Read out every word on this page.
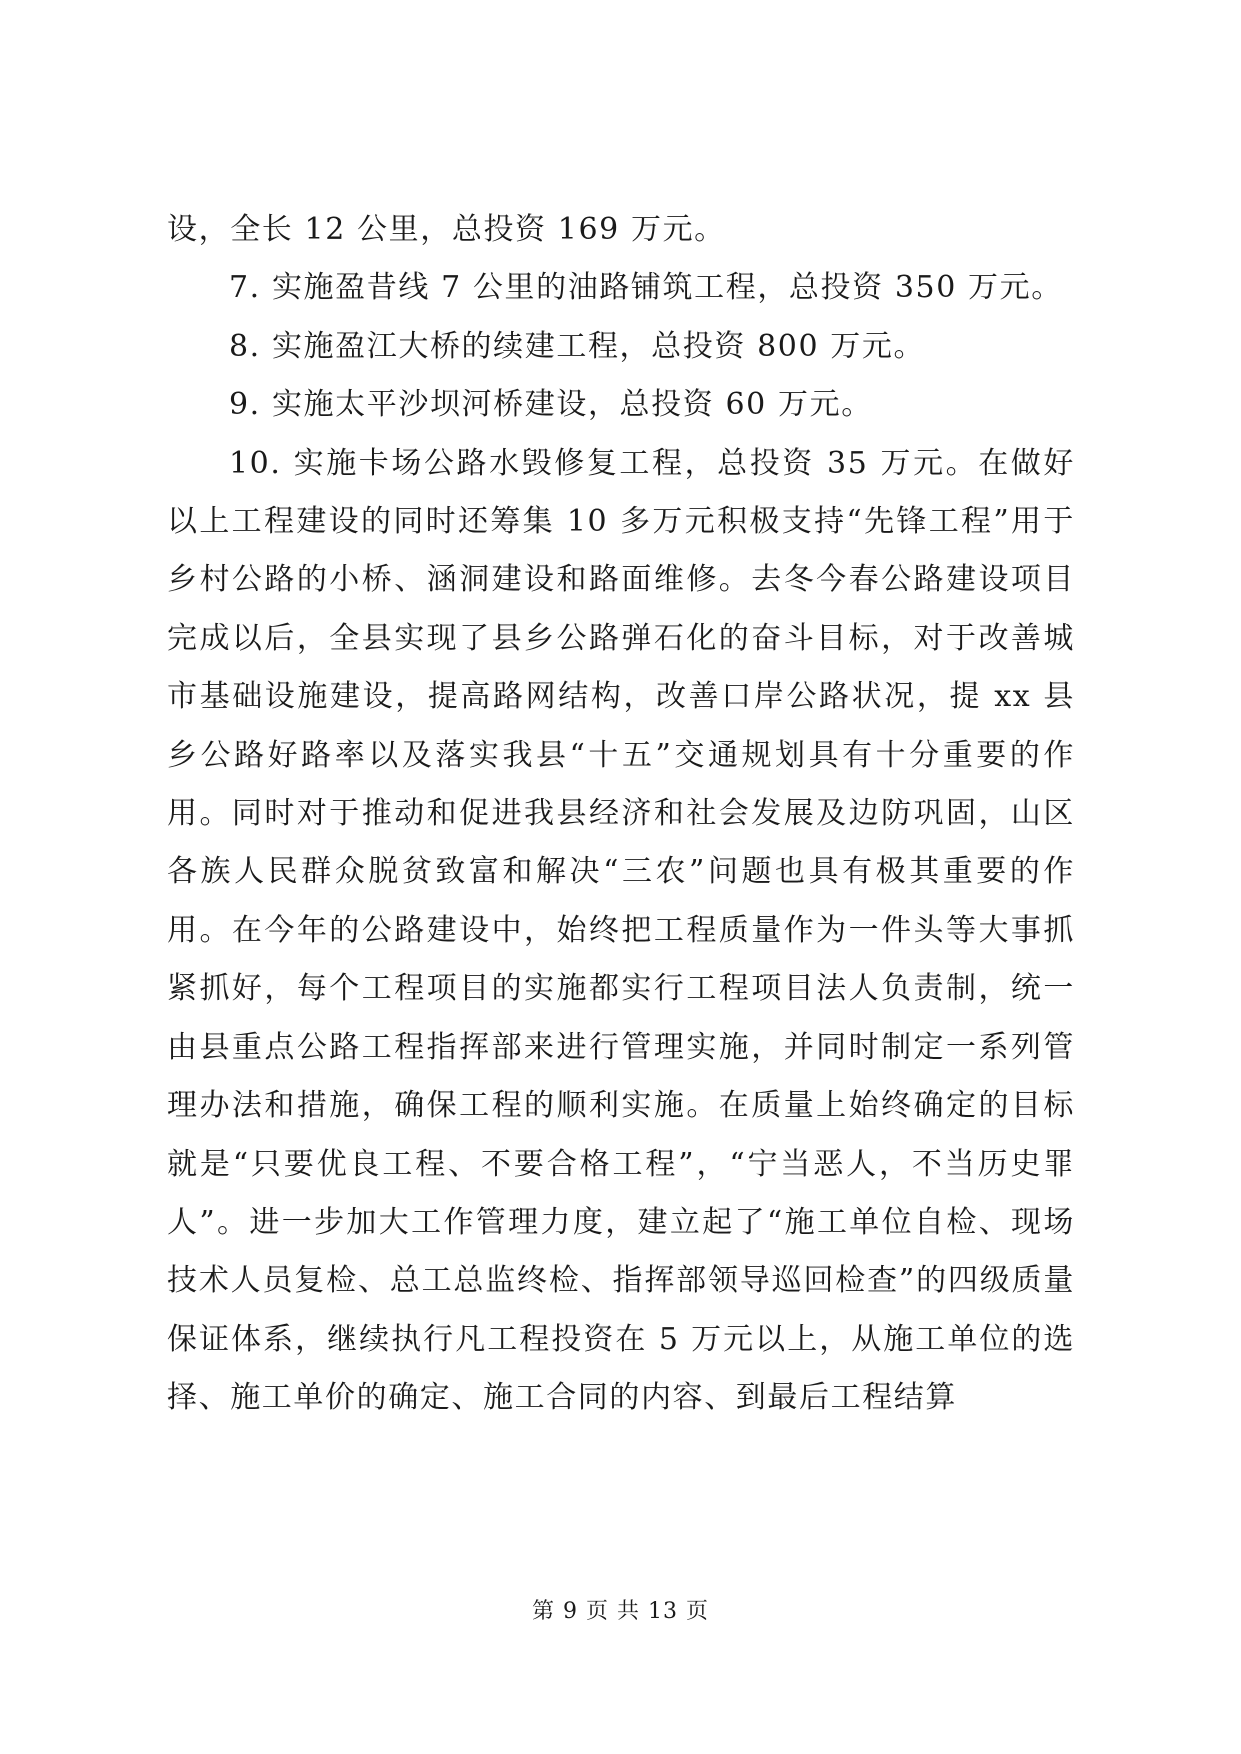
设，全长 12 公里，总投资 169 万元。

7. 实施盈昔线 7 公里的油路铺筑工程，总投资 350 万元。

8. 实施盈江大桥的续建工程，总投资 800 万元。

9. 实施太平沙坝河桥建设，总投资 60 万元。

10. 实施卡场公路水毁修复工程，总投资 35 万元。在做好以上工程建设的同时还筹集 10 多万元积极支持“先锋工程”用于乡村公路的小桥、涵洞建设和路面维修。去冬今春公路建设项目完成以后，全县实现了县乡公路弹石化的奋斗目标，对于改善城市基础设施建设，提高路网结构，改善口岸公路状况，提 xx 县乡公路好路率以及落实我县“十五”交通规划具有十分重要的作用。同时对于推动和促进我县经济和社会发展及边防巩固，山区各族人民群众脱贫致富和解决“三农”问题也具有极其重要的作用。在今年的公路建设中，始终把工程质量作为一件头等大事抓紧抓好，每个工程项目的实施都实行工程项目法人负责制，统一由县重点公路工程指挥部来进行管理实施，并同时制定一系列管理办法和措施，确保工程的顺利实施。在质量上始终确定的目标就是“只要优良工程、不要合格工程”，“宁当恶人，不当历史罪人”。进一步加大工作管理力度，建立起了“施工单位自检、现场技术人员复检、总工总监终检、指挥部领导巡回检查”的四级质量保证体系，继续执行凡工程投资在 5 万元以上，从施工单位的选择、施工单价的确定、施工合同的内容、到最后工程结算

第 9 页 共 13 页
